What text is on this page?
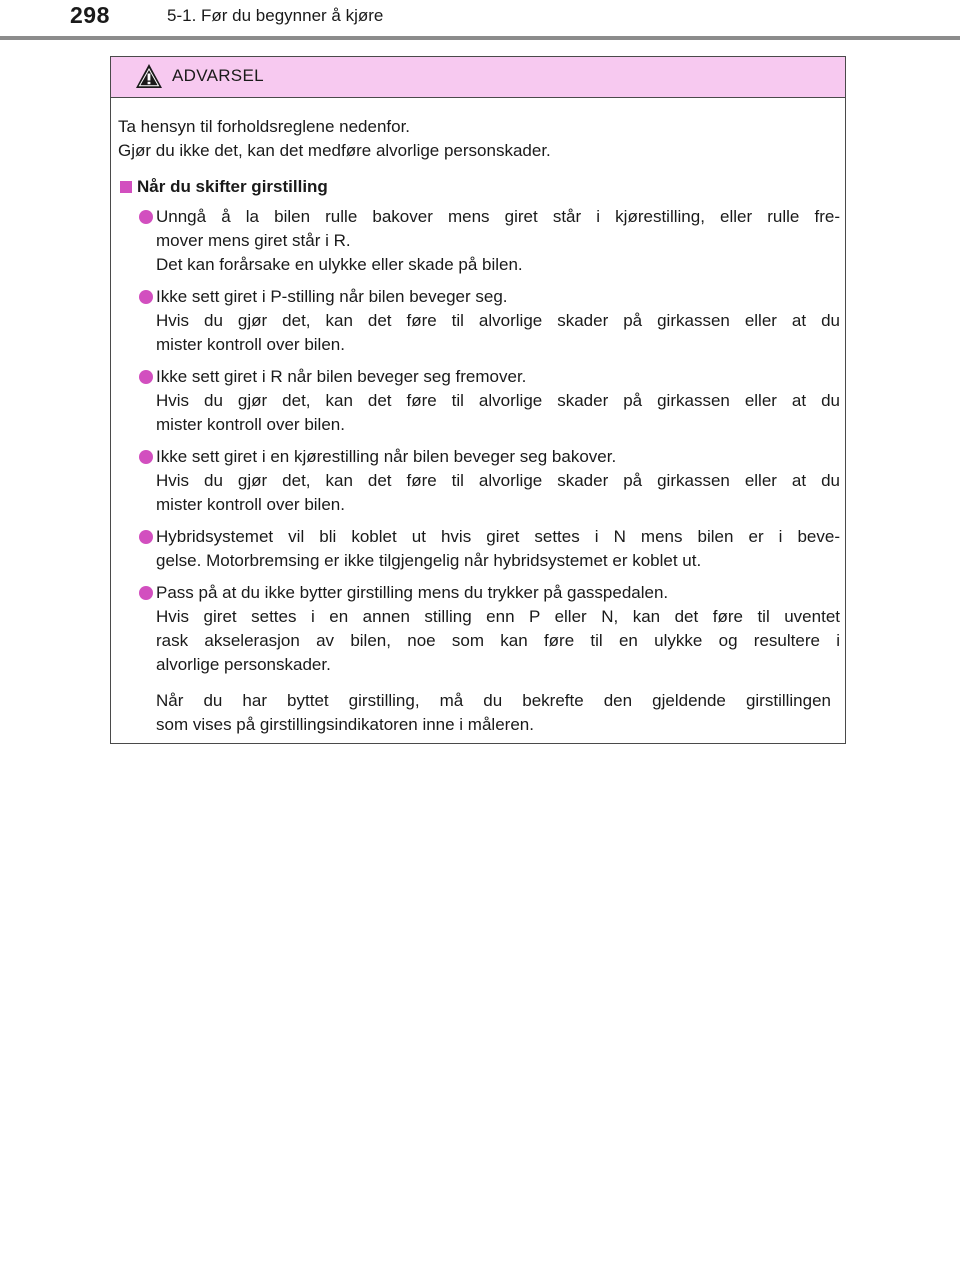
298	5-1. Før du begynner å kjøre
ADVARSEL
Ta hensyn til forholdsreglene nedenfor.
Gjør du ikke det, kan det medføre alvorlige personskader.
Når du skifter girstilling
Unngå å la bilen rulle bakover mens giret står i kjørestilling, eller rulle fre-
mover mens giret står i R.
Det kan forårsake en ulykke eller skade på bilen.
Ikke sett giret i P-stilling når bilen beveger seg.
Hvis du gjør det, kan det føre til alvorlige skader på girkassen eller at du
mister kontroll over bilen.
Ikke sett giret i R når bilen beveger seg fremover.
Hvis du gjør det, kan det føre til alvorlige skader på girkassen eller at du
mister kontroll over bilen.
Ikke sett giret i en kjørestilling når bilen beveger seg bakover.
Hvis du gjør det, kan det føre til alvorlige skader på girkassen eller at du
mister kontroll over bilen.
Hybridsystemet vil bli koblet ut hvis giret settes i N mens bilen er i beve-
gelse. Motorbremsing er ikke tilgjengelig når hybridsystemet er koblet ut.
Pass på at du ikke bytter girstilling mens du trykker på gasspedalen.
Hvis giret settes i en annen stilling enn P eller N, kan det føre til uventet
rask akselerasjon av bilen, noe som kan føre til en ulykke og resultere i
alvorlige personskader.
Når du har byttet girstilling, må du bekrefte den gjeldende girstillingen
som vises på girstillingsindikatoren inne i måleren.
